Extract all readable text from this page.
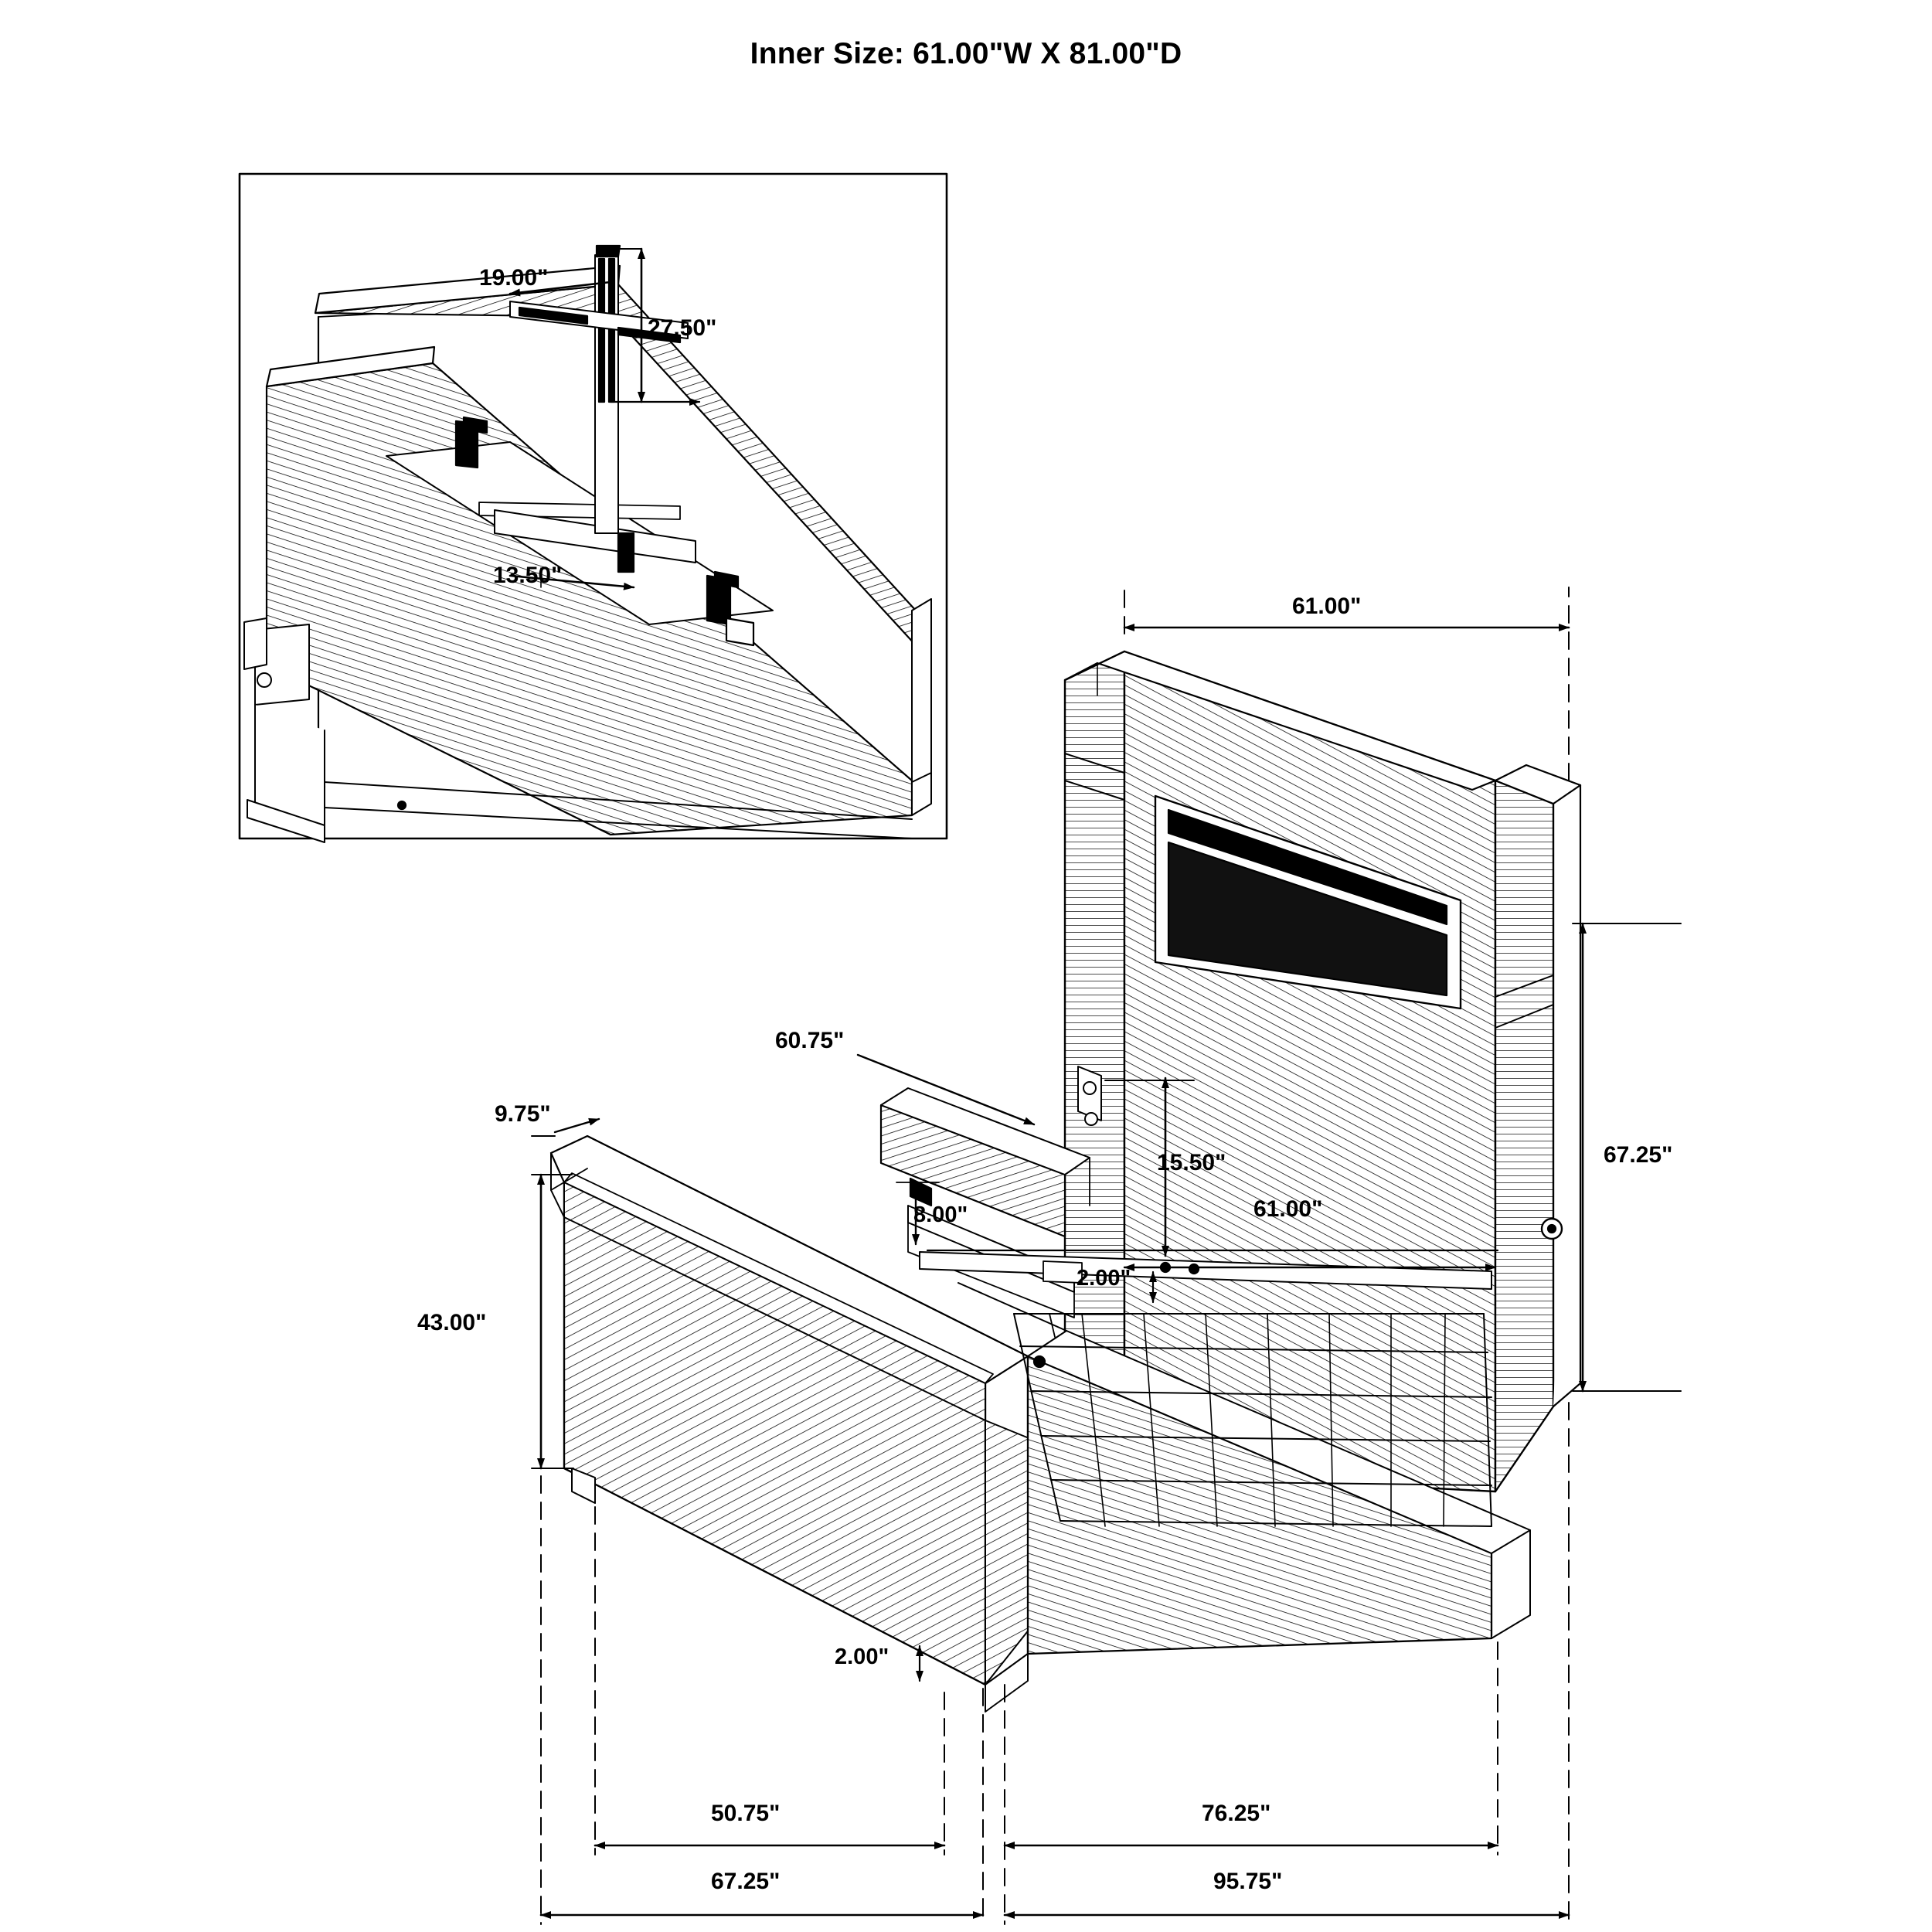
Inner Size: 61.00"W X 81.00"D
19.00"
27.50"
13.50"
61.00"
67.25"
60.75"
9.75"
15.50"
61.00"
8.00"
2.00"
43.00"
2.00"
50.75"	76.25"
67.25"	95.75"
